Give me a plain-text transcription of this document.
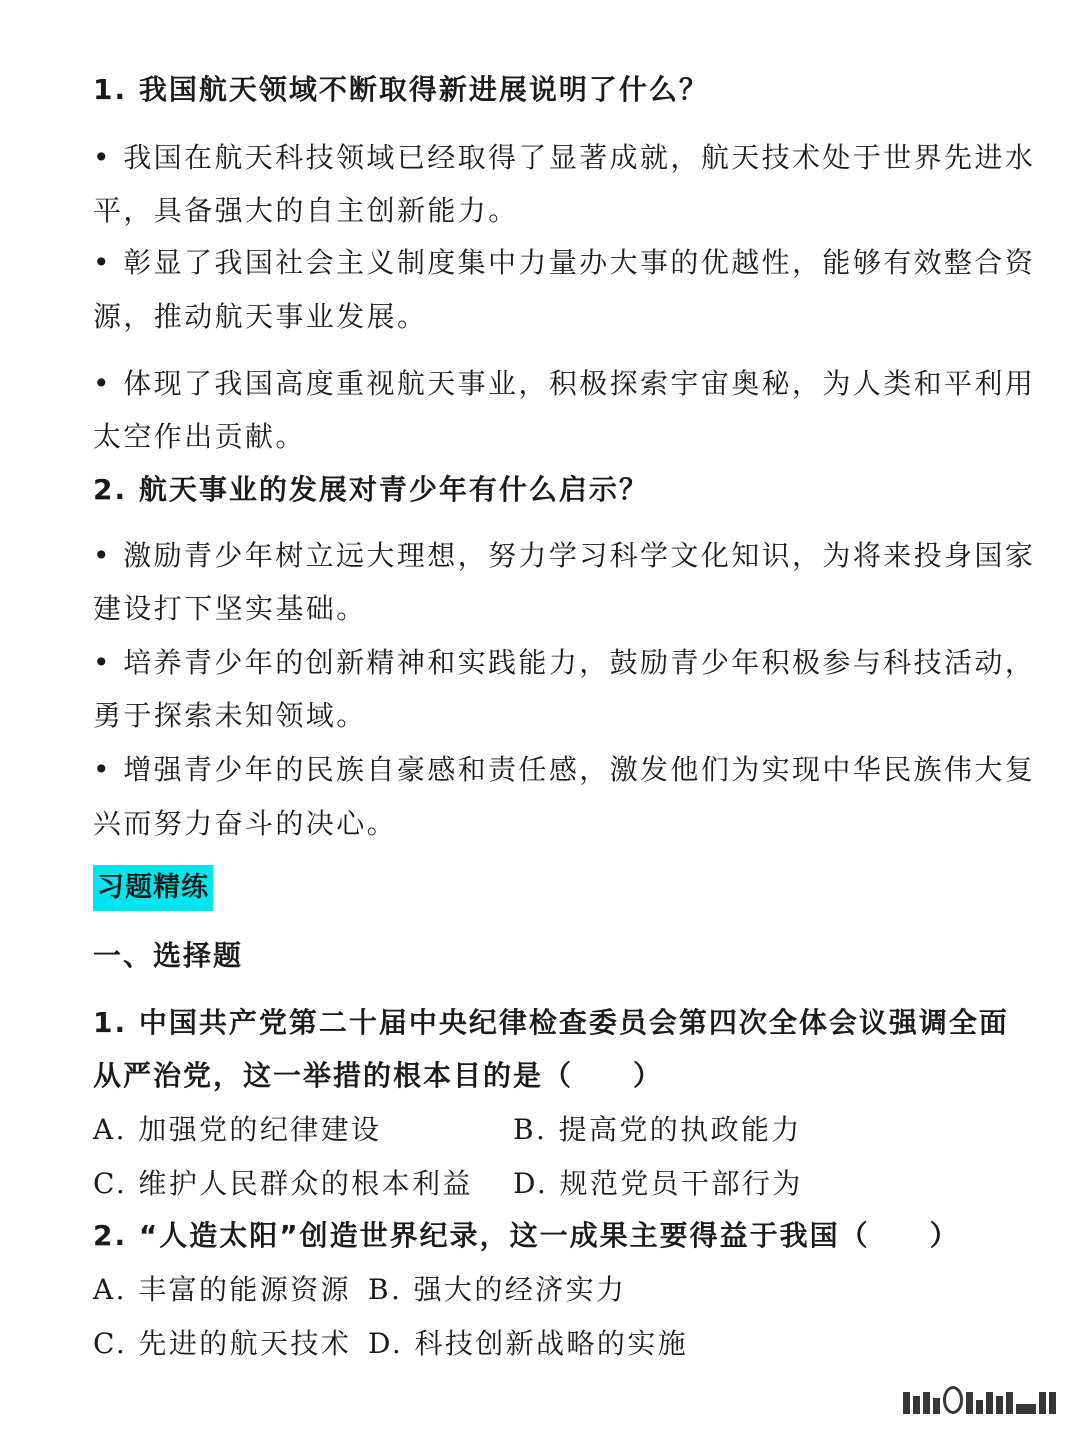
1. 我国航天领域不断取得新进展说明了什么？
• 我国在航天科技领域已经取得了显著成就，航天技术处于世界先进水
平，具备强大的自主创新能力。
• 彰显了我国社会主义制度集中力量办大事的优越性，能够有效整合资
源，推动航天事业发展。
• 体现了我国高度重视航天事业，积极探索宇宙奥秘，为人类和平利用
太空作出贡献。
2. 航天事业的发展对青少年有什么启示？
• 激励青少年树立远大理想，努力学习科学文化知识，为将来投身国家
建设打下坚实基础。
• 培养青少年的创新精神和实践能力，鼓励青少年积极参与科技活动，
勇于探索未知领域。
• 增强青少年的民族自豪感和责任感，激发他们为实现中华民族伟大复
兴而努力奋斗的决心。
习题精练
一、选择题
1. 中国共产党第二十届中央纪律检查委员会第四次全体会议强调全面
从严治党，这一举措的根本目的是（　　）
A. 加强党的纪律建设	B. 提高党的执政能力
C. 维护人民群众的根本利益 D. 规范党员干部行为
2. “人造太阳”创造世界纪录，这一成果主要得益于我国（　　）
A. 丰富的能源资源 B. 强大的经济实力
C. 先进的航天技术 D. 科技创新战略的实施
